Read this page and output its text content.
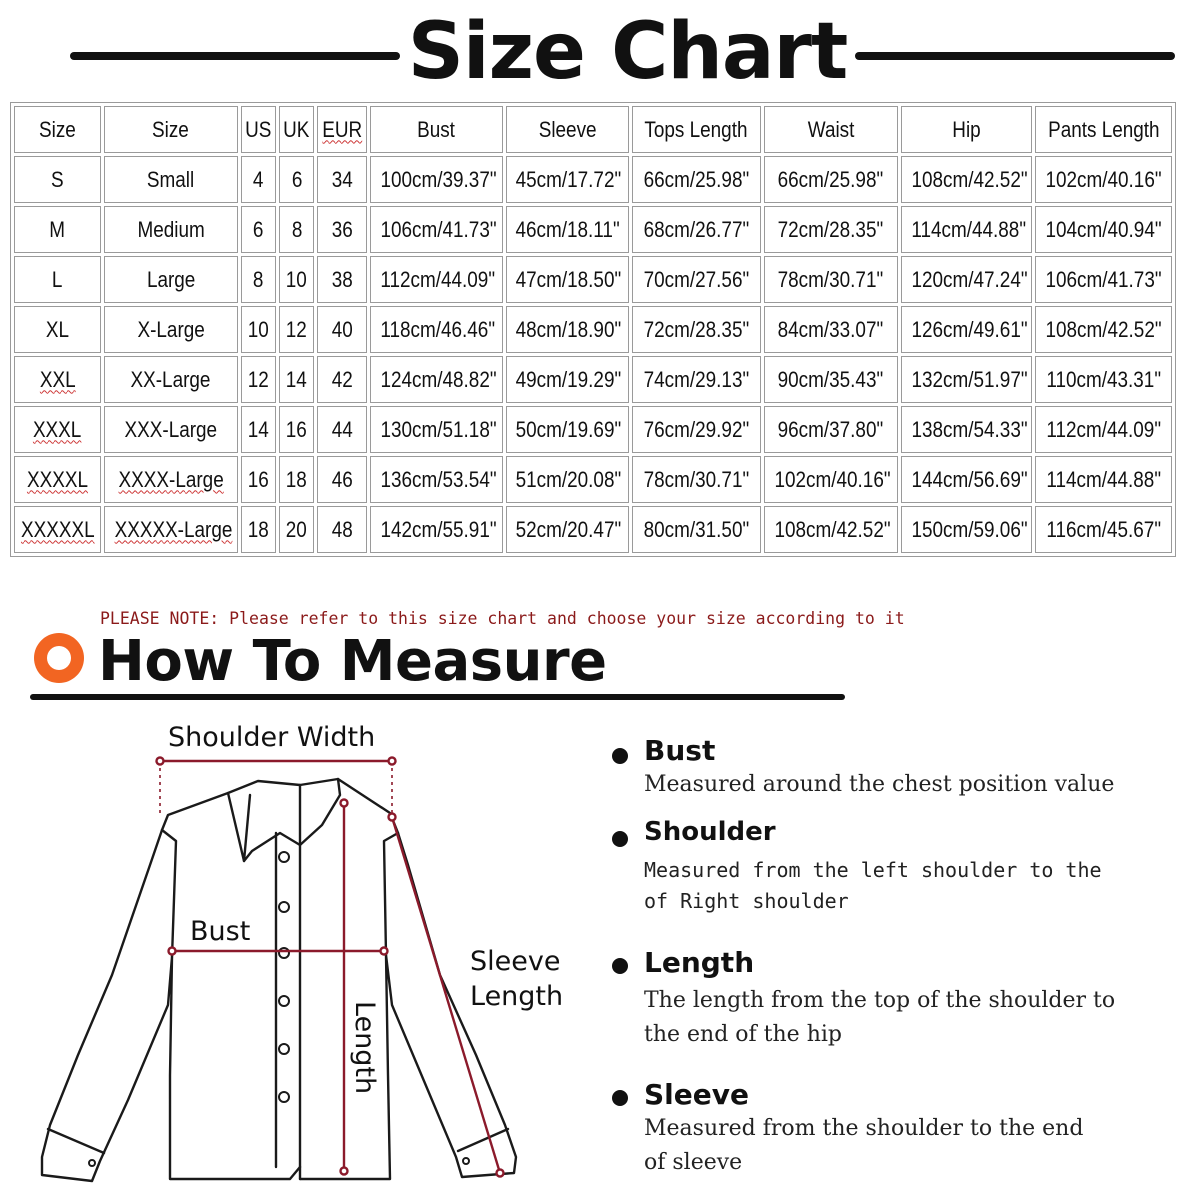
Size Chart
Size	Size	US	UK	EUR	Bust	Sleeve	Tops Length	Waist	Hip	Pants Length
S	Small	4	6	34	100cm/39.37"	45cm/17.72"	66cm/25.98"	66cm/25.98"	108cm/42.52"	102cm/40.16"
M	Medium	6	8	36	106cm/41.73"	46cm/18.11"	68cm/26.77"	72cm/28.35"	114cm/44.88"	104cm/40.94"
L	Large	8	10	38	112cm/44.09"	47cm/18.50"	70cm/27.56"	78cm/30.71"	120cm/47.24"	106cm/41.73"
XL	X-Large	10	12	40	118cm/46.46"	48cm/18.90"	72cm/28.35"	84cm/33.07"	126cm/49.61"	108cm/42.52"
XXL	XX-Large	12	14	42	124cm/48.82"	49cm/19.29"	74cm/29.13"	90cm/35.43"	132cm/51.97"	110cm/43.31"
XXXL	XXX-Large	14	16	44	130cm/51.18"	50cm/19.69"	76cm/29.92"	96cm/37.80"	138cm/54.33"	112cm/44.09"
XXXXL	XXXX-Large	16	18	46	136cm/53.54"	51cm/20.08"	78cm/30.71"	102cm/40.16"	144cm/56.69"	114cm/44.88"
XXXXXL	XXXXX-Large	18	20	48	142cm/55.91"	52cm/20.47"	80cm/31.50"	108cm/42.52"	150cm/59.06"	116cm/45.67"
PLEASE NOTE: Please refer to this size chart and choose your size according to it
How To Measure
Shoulder Width
Bust
Sleeve
Length
Length
Bust
Measured around the chest position value
Shoulder
Measured from the left shoulder to the
of Right shoulder
Length
The length from the top of the shoulder to
the end of the hip
Sleeve
Measured from the shoulder to the end
of sleeve
